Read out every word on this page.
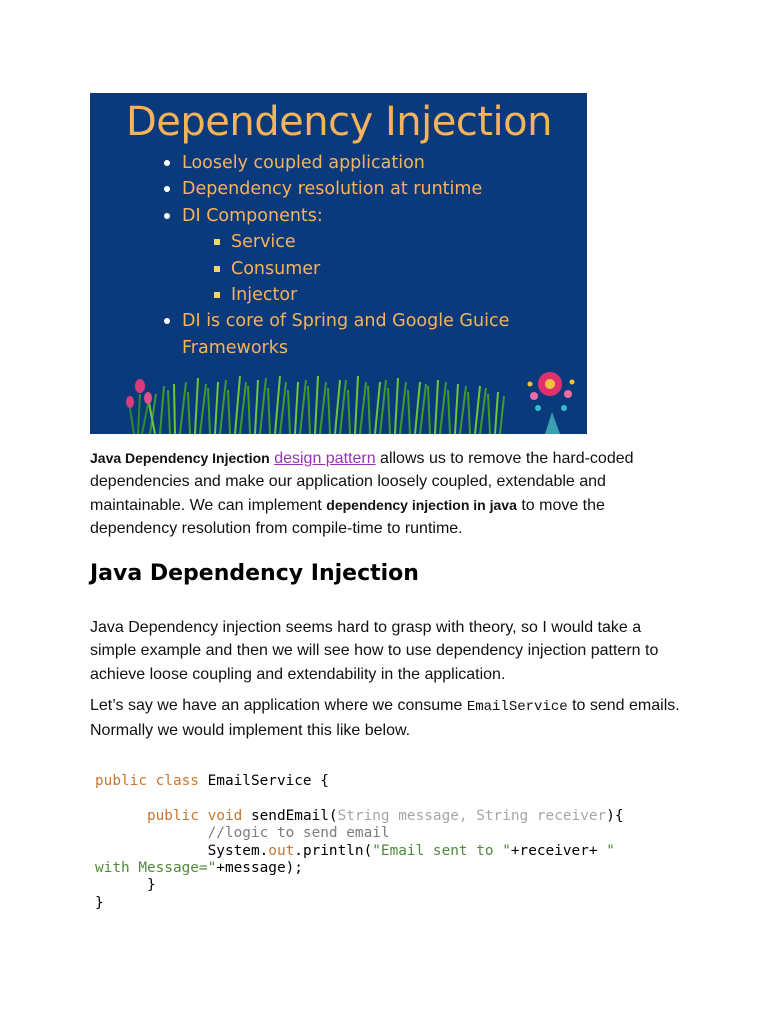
Dependency Injection
Loosely coupled application
Dependency resolution at runtime
DI Components:
Service
Consumer
Injector
DI is core of Spring and Google Guice
Frameworks

Java Dependency Injection design pattern allows us to remove the hard-coded dependencies and make our application loosely coupled, extendable and maintainable. We can implement dependency injection in java to move the dependency resolution from compile-time to runtime.

Java Dependency Injection

Java Dependency injection seems hard to grasp with theory, so I would take a simple example and then we will see how to use dependency injection pattern to achieve loose coupling and extendability in the application.

Let’s say we have an application where we consume EmailService to send emails. Normally we would implement this like below.

public class EmailService {

public void sendEmail(String message, String receiver){
//logic to send email
System.out.println("Email sent to "+receiver+ "
with Message="+message);
}
}
